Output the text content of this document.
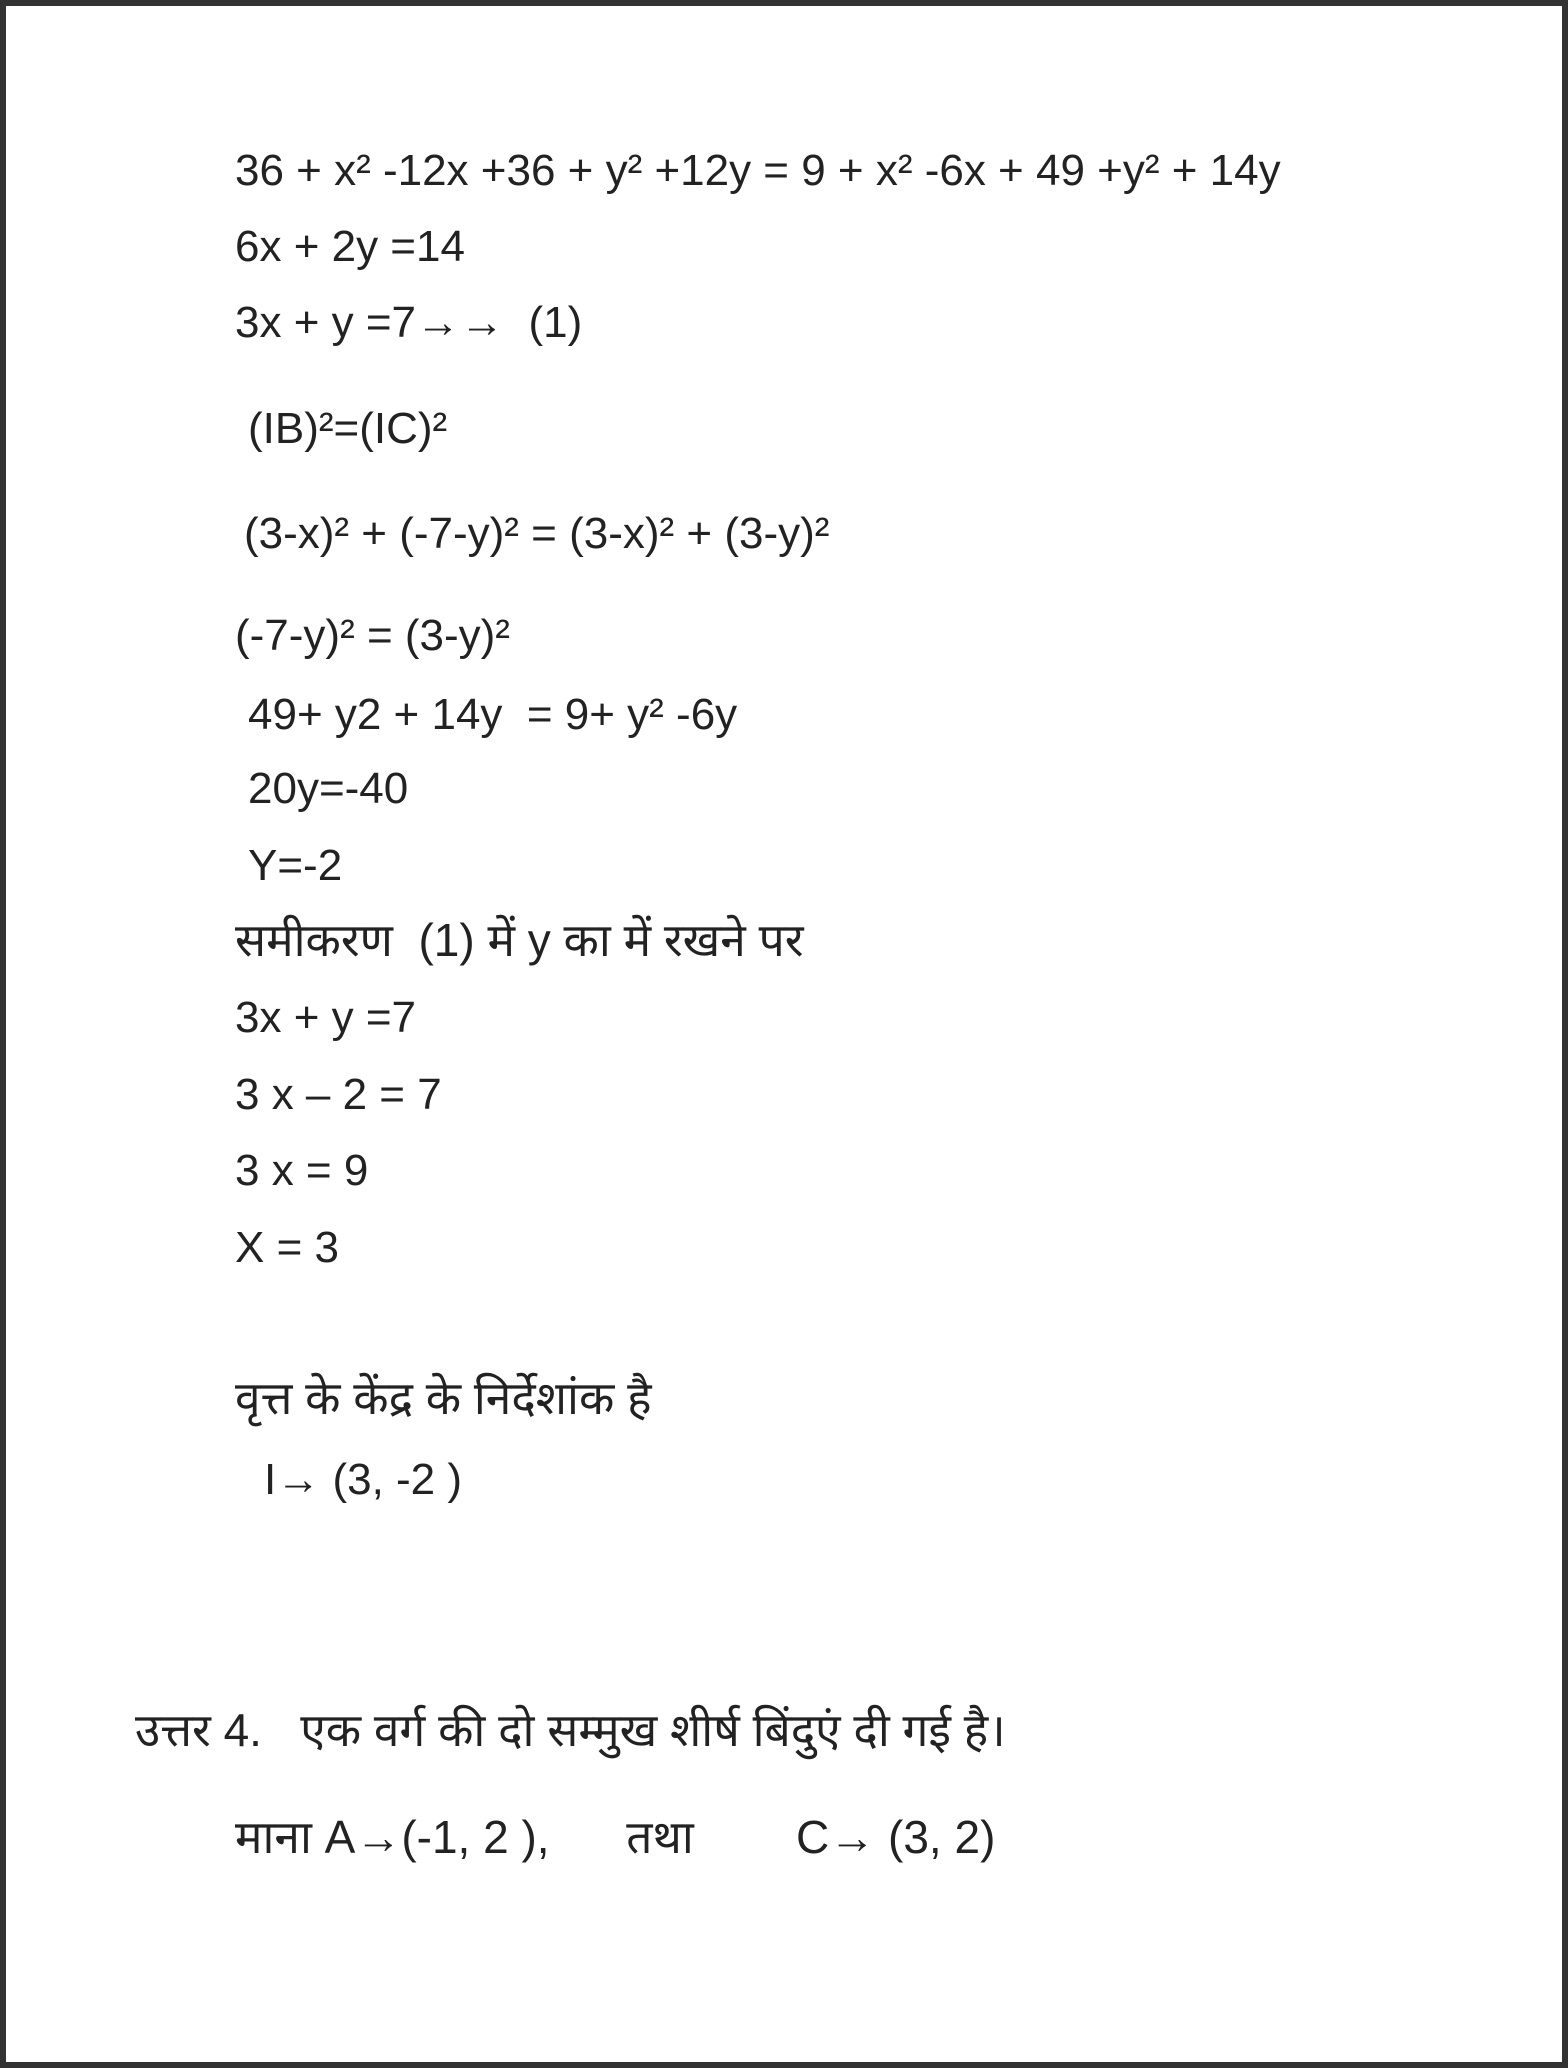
36 + x² -12x +36 + y² +12y = 9 + x² -6x + 49 +y² + 14y
6x + 2y =14
3x + y =7→→  (1)
(IB)²=(IC)²
(3-x)² + (-7-y)² = (3-x)² + (3-y)²
(-7-y)² = (3-y)²
49+ y2 + 14y  = 9+ y² -6y
20y=-40
Y=-2
समीकरण  (1) में y का में रखने पर
3x + y =7
3 x – 2 = 7
3 x = 9
X = 3
वृत्त के केंद्र के निर्देशांक है
I→ (3, -2 )
उत्तर 4.   एक वर्ग की दो सम्मुख शीर्ष बिंदुएं दी गई है।
माना A→(-1, 2 ),      तथा        C→ (3, 2)
